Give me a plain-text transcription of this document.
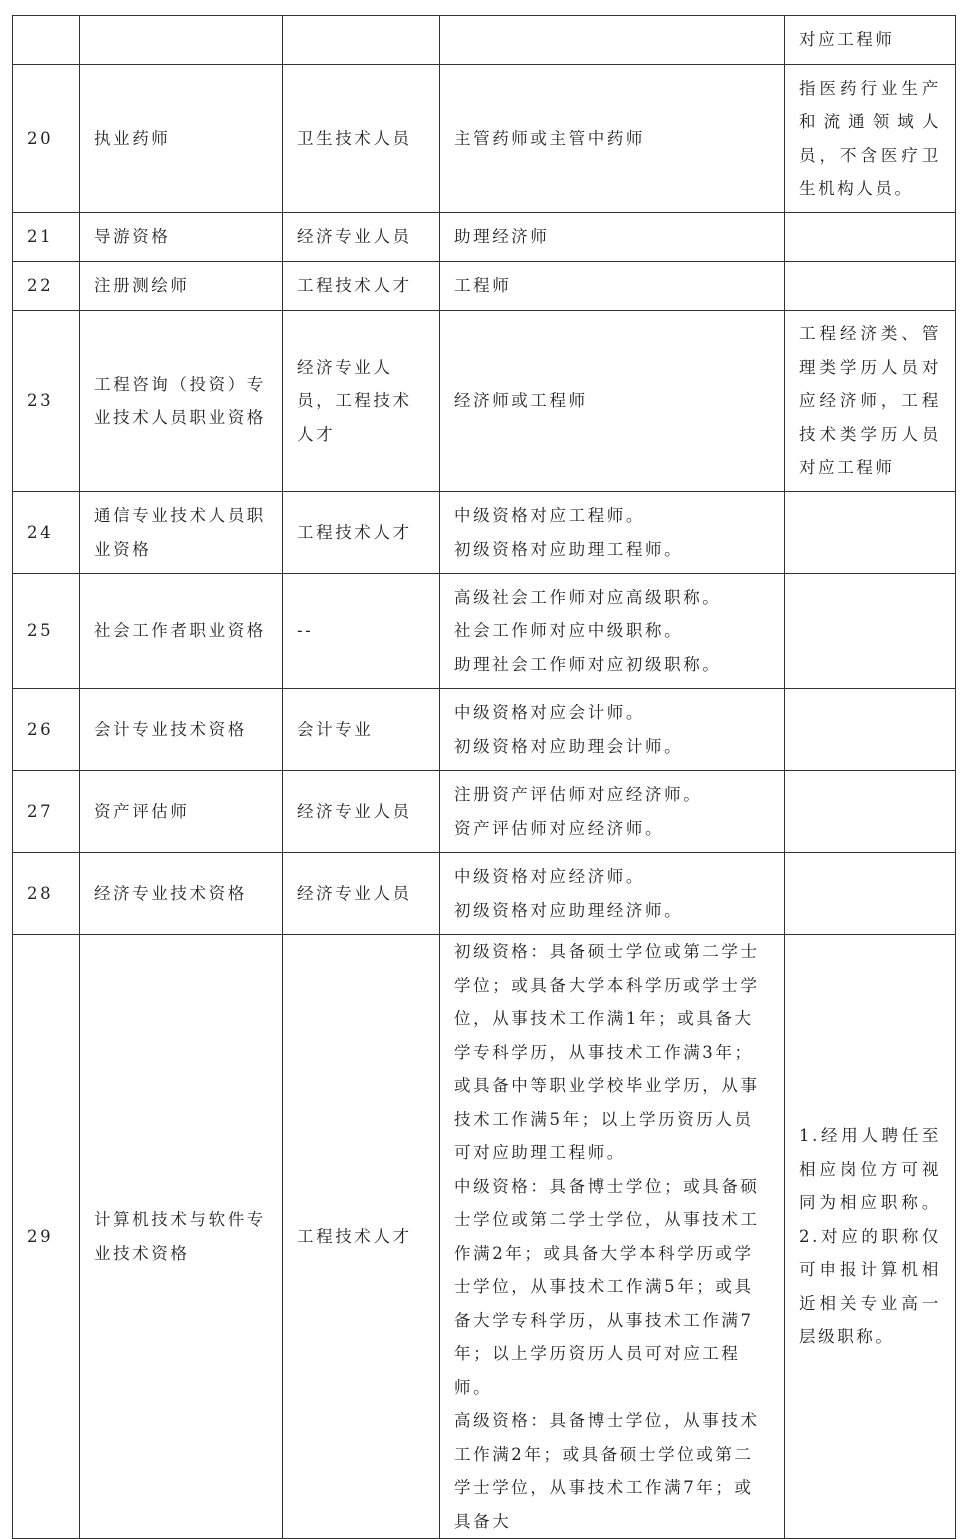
				对应工程师
20	执业药师	卫生技术人员	主管药师或主管中药师	指医药行业生产和流通领域人员，不含医疗卫生机构人员。
21	导游资格	经济专业人员	助理经济师	

22	注册测绘师	工程技术人才	工程师	

23	工程咨询（投资）专业技术人员职业资格	经济专业人员，工程技术人才	经济师或工程师	工程经济类、管理类学历人员对应经济师，工程技术类学历人员对应工程师
24	通信专业技术人员职业资格	工程技术人才	中级资格对应工程师。
初级资格对应助理工程师。	

25	社会工作者职业资格	--	高级社会工作师对应高级职称。
社会工作师对应中级职称。
助理社会工作师对应初级职称。	

26	会计专业技术资格	会计专业	中级资格对应会计师。
初级资格对应助理会计师。	

27	资产评估师	经济专业人员	注册资产评估师对应经济师。
资产评估师对应经济师。	

28	经济专业技术资格	经济专业人员	中级资格对应经济师。
初级资格对应助理经济师。	

29	计算机技术与软件专业技术资格	工程技术人才	初级资格：具备硕士学位或第二学士学位；或具备大学本科学历或学士学位，从事技术工作满1年；或具备大学专科学历，从事技术工作满3年；或具备中等职业学校毕业学历，从事技术工作满5年；以上学历资历人员可对应助理工程师。
中级资格：具备博士学位；或具备硕士学位或第二学士学位，从事技术工作满2年；或具备大学本科学历或学士学位，从事技术工作满5年；或具备大学专科学历，从事技术工作满7年；以上学历资历人员可对应工程师。
高级资格：具备博士学位，从事技术工作满2年；或具备硕士学位或第二学士学位，从事技术工作满7年；或具备大	1.经用人聘任至相应岗位方可视同为相应职称。2.对应的职称仅可申报计算机相近相关专业高一层级职称。
